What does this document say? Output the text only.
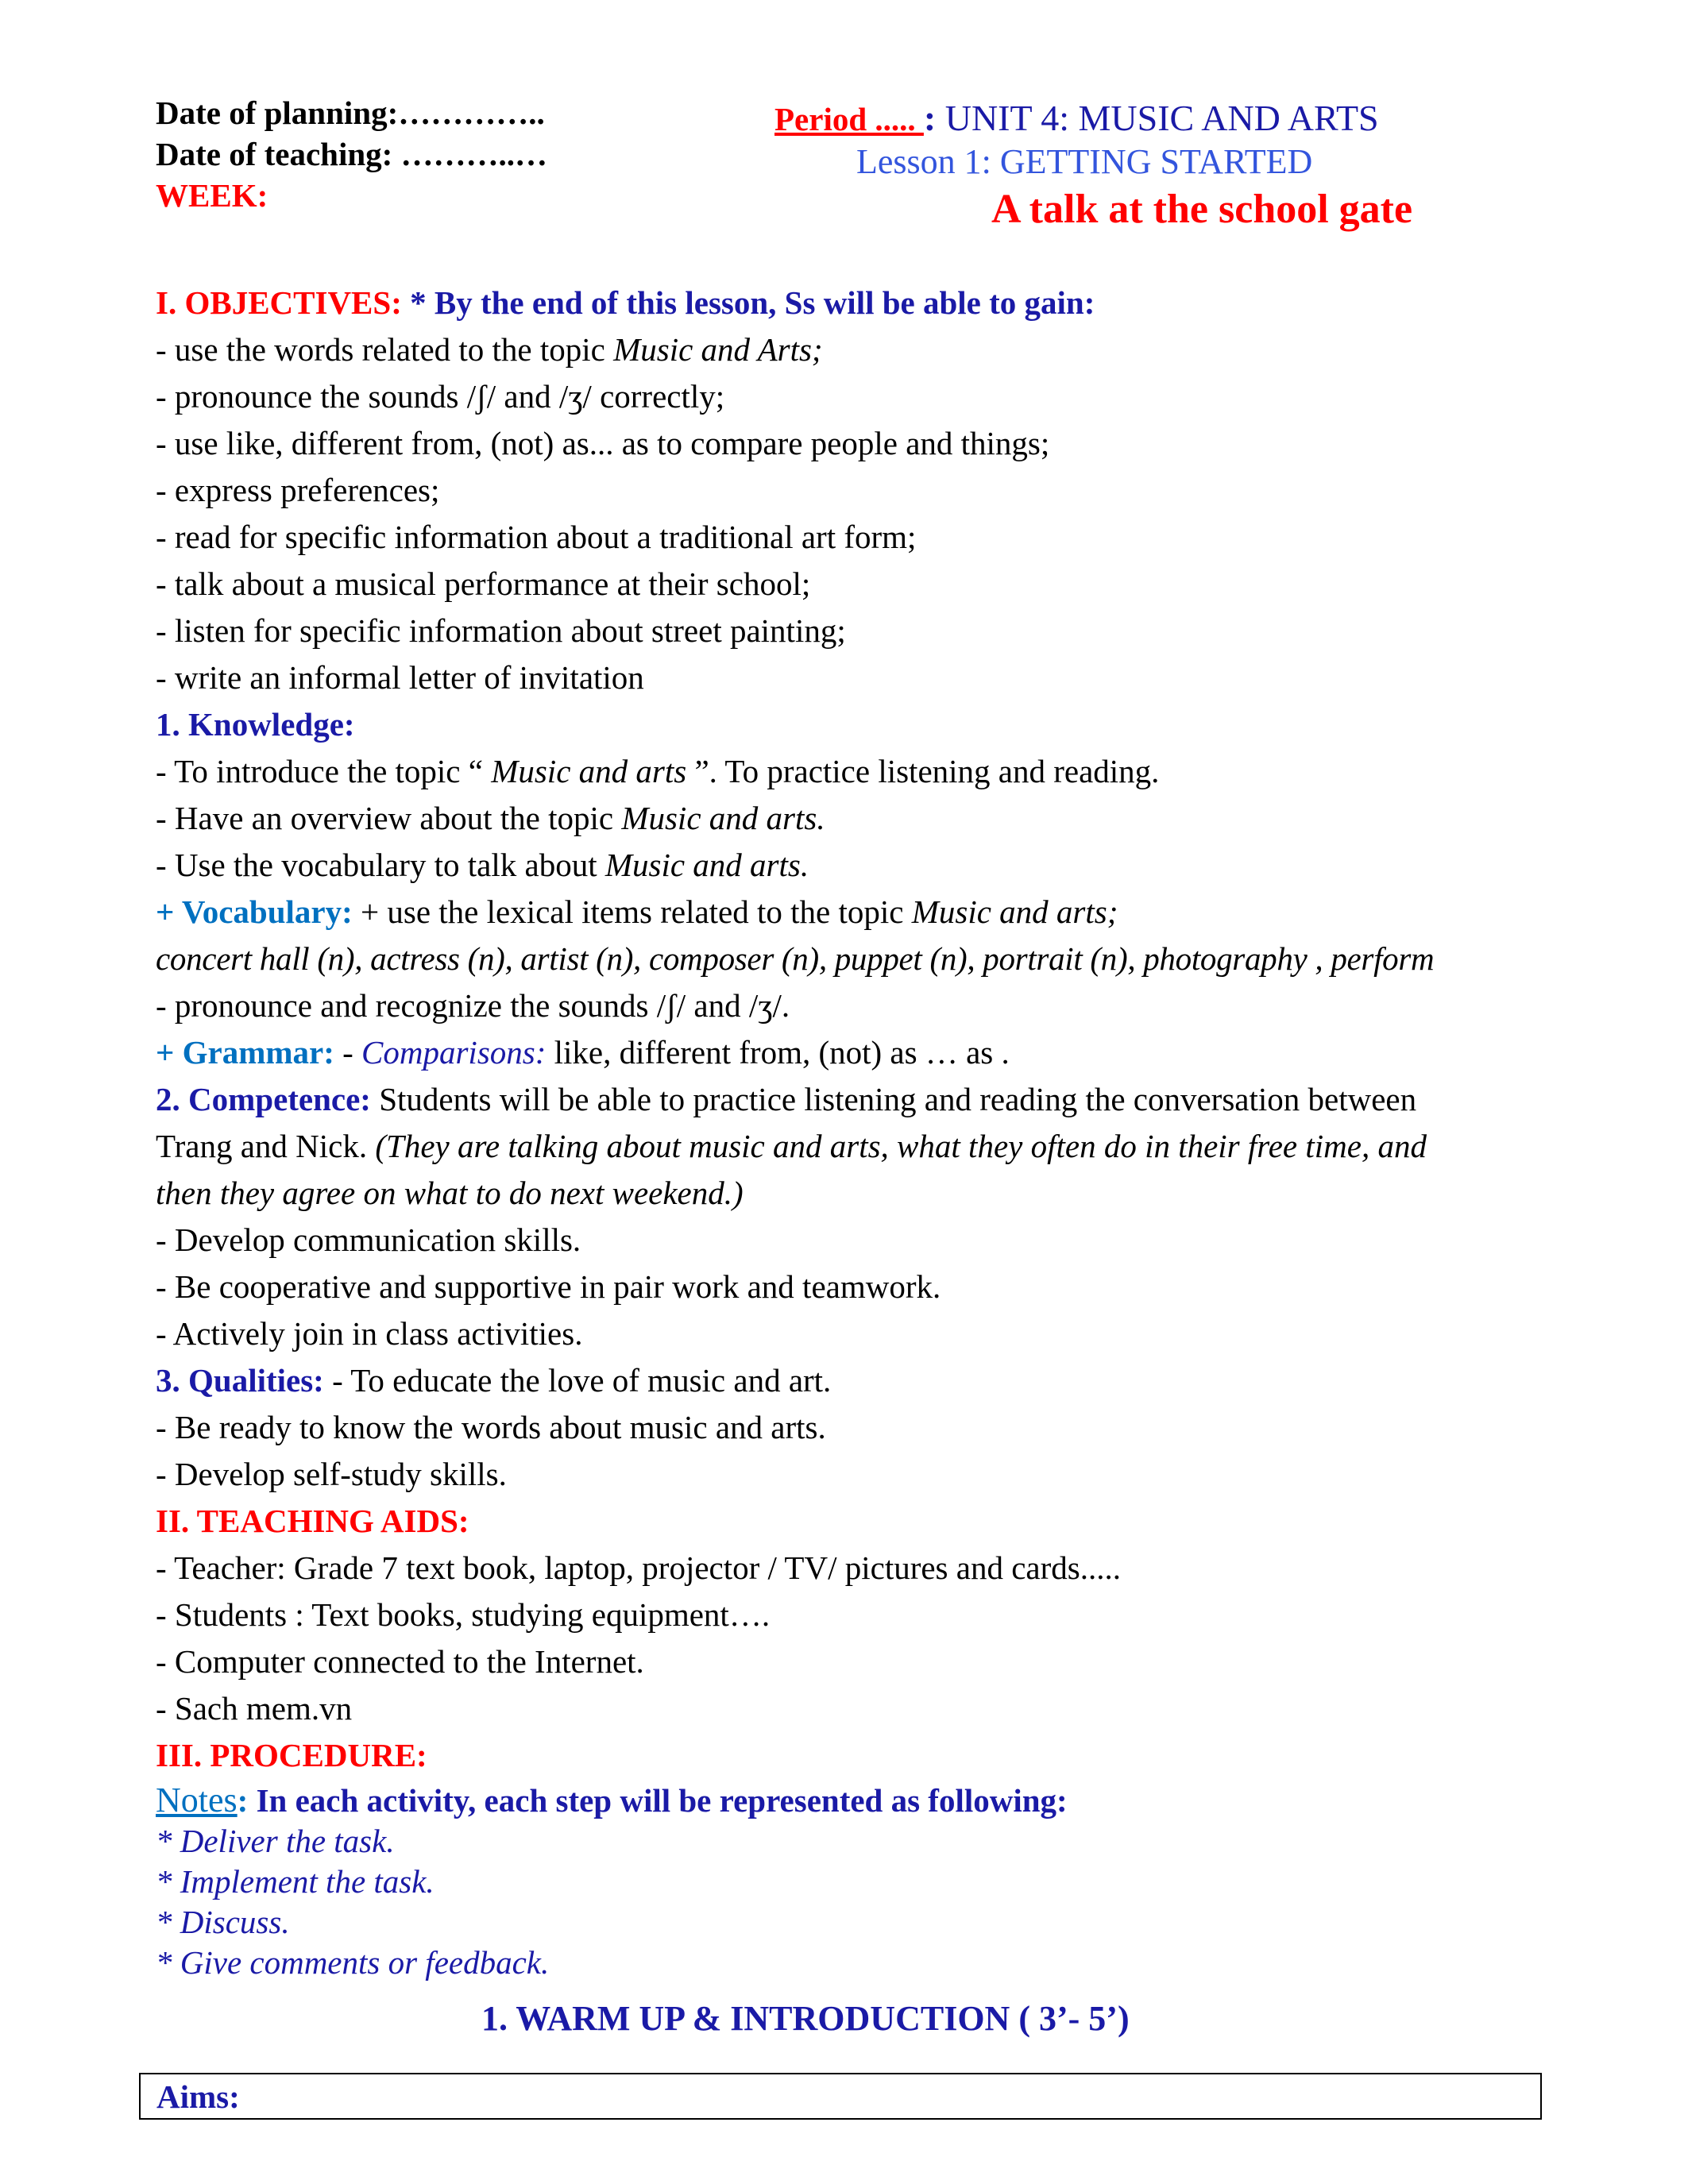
Date of planning:…………..
Date of teaching: ………..…
WEEK:
Period ..... : UNIT 4: MUSIC AND ARTS
Lesson 1: GETTING STARTED
A talk at the school gate
I. OBJECTIVES: * By the end of this lesson, Ss will be able to gain:
- use the words related to the topic Music and Arts;
- pronounce the sounds /ʃ/ and /ʒ/ correctly;
- use like, different from, (not) as... as to compare people and things;
- express preferences;
- read for specific information about a traditional art form;
- talk about a musical performance at their school;
- listen for specific information about street painting;
- write an informal letter of invitation
1. Knowledge:
- To introduce the topic “ Music and arts ”. To practice listening and reading.
- Have an overview about the topic Music and arts.
- Use the vocabulary to talk about Music and arts.
+ Vocabulary: + use the lexical items related to the topic Music and arts;
concert hall (n), actress (n), artist (n), composer (n), puppet (n), portrait (n), photography , perform
- pronounce and recognize the sounds /ʃ/ and /ʒ/.
+ Grammar: - Comparisons: like, different from, (not) as … as .
2. Competence: Students will be able to practice listening and reading the conversation between
Trang and Nick. (They are talking about music and arts, what they often do in their free time, and
then they agree on what to do next weekend.)
- Develop communication skills.
- Be cooperative and supportive in pair work and teamwork.
- Actively join in class activities.
3. Qualities: - To educate the love of music and art.
- Be ready to know the words about music and arts.
- Develop self-study skills.
II. TEACHING AIDS:
- Teacher: Grade 7 text book, laptop, projector / TV/ pictures and cards.....
- Students : Text books, studying equipment….
- Computer connected to the Internet.
- Sach mem.vn
III. PROCEDURE:
Notes: In each activity, each step will be represented as following:
* Deliver the task.
* Implement the task.
* Discuss.
* Give comments or feedback.
1. WARM UP & INTRODUCTION ( 3’- 5’)
Aims:
